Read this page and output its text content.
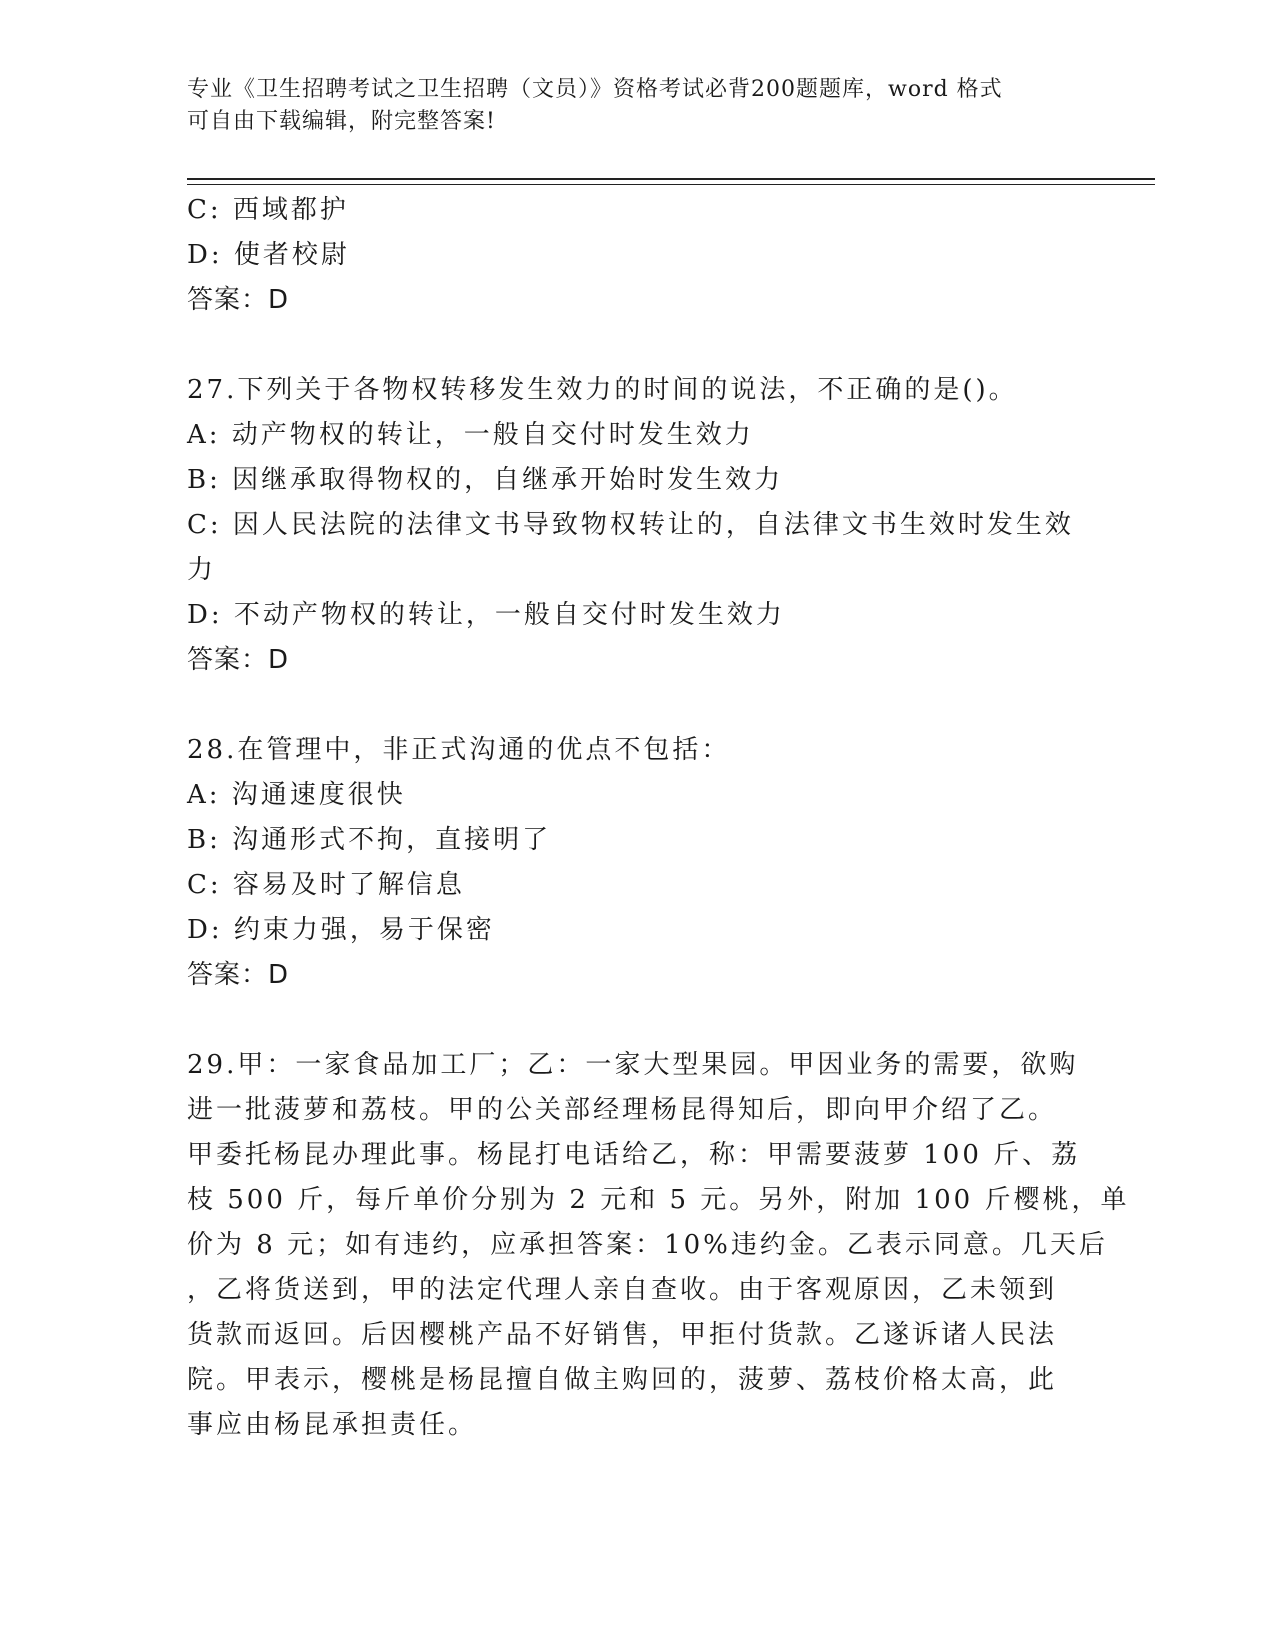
专业《卫生招聘考试之卫生招聘（文员）》资格考试必背200题题库，word 格式
可自由下载编辑，附完整答案!
C: 西域都护
D: 使者校尉
答案：D
27.下列关于各物权转移发生效力的时间的说法，不正确的是()。
A: 动产物权的转让，一般自交付时发生效力
B: 因继承取得物权的，自继承开始时发生效力
C: 因人民法院的法律文书导致物权转让的，自法律文书生效时发生效
力
D: 不动产物权的转让，一般自交付时发生效力
答案：D
28.在管理中，非正式沟通的优点不包括：
A: 沟通速度很快
B: 沟通形式不拘，直接明了
C: 容易及时了解信息
D: 约束力强，易于保密
答案：D
29.甲：一家食品加工厂；乙：一家大型果园。甲因业务的需要，欲购
进一批菠萝和荔枝。甲的公关部经理杨昆得知后，即向甲介绍了乙。
甲委托杨昆办理此事。杨昆打电话给乙，称：甲需要菠萝 100 斤、荔
枝 500 斤，每斤单价分别为 2 元和 5 元。另外，附加 100 斤樱桃，单
价为 8 元；如有违约，应承担答案：10%违约金。乙表示同意。几天后
，乙将货送到，甲的法定代理人亲自查收。由于客观原因，乙未领到
货款而返回。后因樱桃产品不好销售，甲拒付货款。乙遂诉诸人民法
院。甲表示，樱桃是杨昆擅自做主购回的，菠萝、荔枝价格太高，此
事应由杨昆承担责任。
